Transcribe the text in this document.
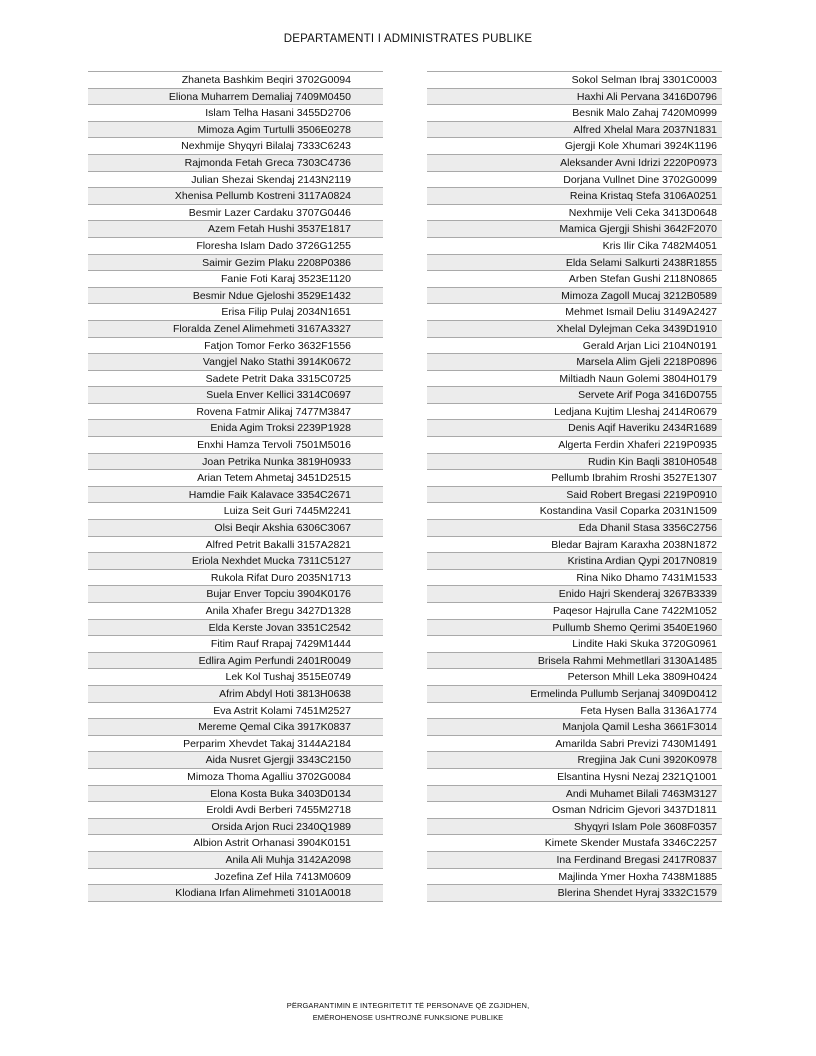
DEPARTAMENTI I ADMINISTRATES PUBLIKE
Zhaneta Bashkim Beqiri 3702G0094
Eliona Muharrem Demaliaj 7409M0450
Islam Telha Hasani 3455D2706
Mimoza Agim Turtulli 3506E0278
Nexhmije Shyqyri Bilalaj 7333C6243
Rajmonda Fetah Greca 7303C4736
Julian Shezai Skendaj 2143N2119
Xhenisa Pellumb Kostreni 3117A0824
Besmir Lazer Cardaku 3707G0446
Azem Fetah Hushi 3537E1817
Floresha Islam Dado 3726G1255
Saimir Gezim Plaku 2208P0386
Fanie Foti Karaj 3523E1120
Besmir Ndue Gjeloshi 3529E1432
Erisa Filip Pulaj 2034N1651
Floralda Zenel Alimehmeti 3167A3327
Fatjon Tomor Ferko 3632F1556
Vangjel Nako Stathi 3914K0672
Sadete Petrit Daka 3315C0725
Suela Enver Kellici 3314C0697
Rovena Fatmir Alikaj 7477M3847
Enida Agim Troksi 2239P1928
Enxhi Hamza Tervoli 7501M5016
Joan Petrika Nunka 3819H0933
Arian Tetem Ahmetaj 3451D2515
Hamdie Faik Kalavace 3354C2671
Luiza Seit Guri 7445M2241
Olsi Beqir Akshia 6306C3067
Alfred Petrit Bakalli 3157A2821
Eriola Nexhdet Mucka 7311C5127
Rukola Rifat Duro 2035N1713
Bujar Enver Topciu 3904K0176
Anila Xhafer Bregu 3427D1328
Elda Kerste Jovan 3351C2542
Fitim Rauf Rrapaj 7429M1444
Edlira Agim Perfundi 2401R0049
Lek Kol Tushaj 3515E0749
Afrim Abdyl Hoti 3813H0638
Eva Astrit Kolami 7451M2527
Mereme Qemal Cika 3917K0837
Perparim Xhevdet Takaj 3144A2184
Aida Nusret Gjergji 3343C2150
Mimoza Thoma Agalliu 3702G0084
Elona Kosta Buka 3403D0134
Eroldi Avdi Berberi 7455M2718
Orsida Arjon Ruci 2340Q1989
Albion Astrit Orhanasi 3904K0151
Anila Ali Muhja 3142A2098
Jozefina Zef Hila 7413M0609
Klodiana Irfan Alimehmeti 3101A0018
Sokol Selman Ibraj 3301C0003
Haxhi Ali Pervana 3416D0796
Besnik Malo Zahaj 7420M0999
Alfred Xhelal Mara 2037N1831
Gjergji Kole Xhumari 3924K1196
Aleksander Avni Idrizi 2220P0973
Dorjana Vullnet Dine 3702G0099
Reina Kristaq Stefa 3106A0251
Nexhmije Veli Ceka 3413D0648
Mamica Gjergji Shishi 3642F2070
Kris Ilir Cika 7482M4051
Elda Selami Salkurti 2438R1855
Arben Stefan Gushi 2118N0865
Mimoza Zagoll Mucaj 3212B0589
Mehmet Ismail Deliu 3149A2427
Xhelal Dylejman Ceka 3439D1910
Gerald Arjan Lici 2104N0191
Marsela Alim Gjeli 2218P0896
Miltiadh Naun Golemi 3804H0179
Servete Arif Poga 3416D0755
Ledjana Kujtim Lleshaj 2414R0679
Denis Aqif Haveriku 2434R1689
Algerta Ferdin Xhaferi 2219P0935
Rudin Kin Baqli 3810H0548
Pellumb Ibrahim Rroshi 3527E1307
Said Robert Bregasi 2219P0910
Kostandina Vasil Coparka 2031N1509
Eda Dhanil Stasa 3356C2756
Bledar Bajram Karaxha 2038N1872
Kristina Ardian Qypi 2017N0819
Rina Niko Dhamo 7431M1533
Enido Hajri Skenderaj 3267B3339
Paqesor Hajrulla Cane 7422M1052
Pullumb Shemo Qerimi 3540E1960
Lindite Haki Skuka 3720G0961
Brisela Rahmi Mehmetllari 3130A1485
Peterson Mhill Leka 3809H0424
Ermelinda Pullumb Serjanaj 3409D0412
Feta Hysen Balla 3136A1774
Manjola Qamil Lesha 3661F3014
Amarilda Sabri Previzi 7430M1491
Rregjina Jak Cuni 3920K0978
Elsantina Hysni Nezaj 2321Q1001
Andi Muhamet Bilali 7463M3127
Osman Ndricim Gjevori 3437D1811
Shyqyri Islam Pole 3608F0357
Kimete Skender Mustafa 3346C2257
Ina Ferdinand Bregasi 2417R0837
Majlinda Ymer Hoxha 7438M1885
Blerina Shendet Hyraj 3332C1579
PËRGARANTIMIN E INTEGRITETIT TË PERSONAVE QË ZGJIDHEN,
EMËROHENOSE USHTROJNË FUNKSIONE PUBLIKE
